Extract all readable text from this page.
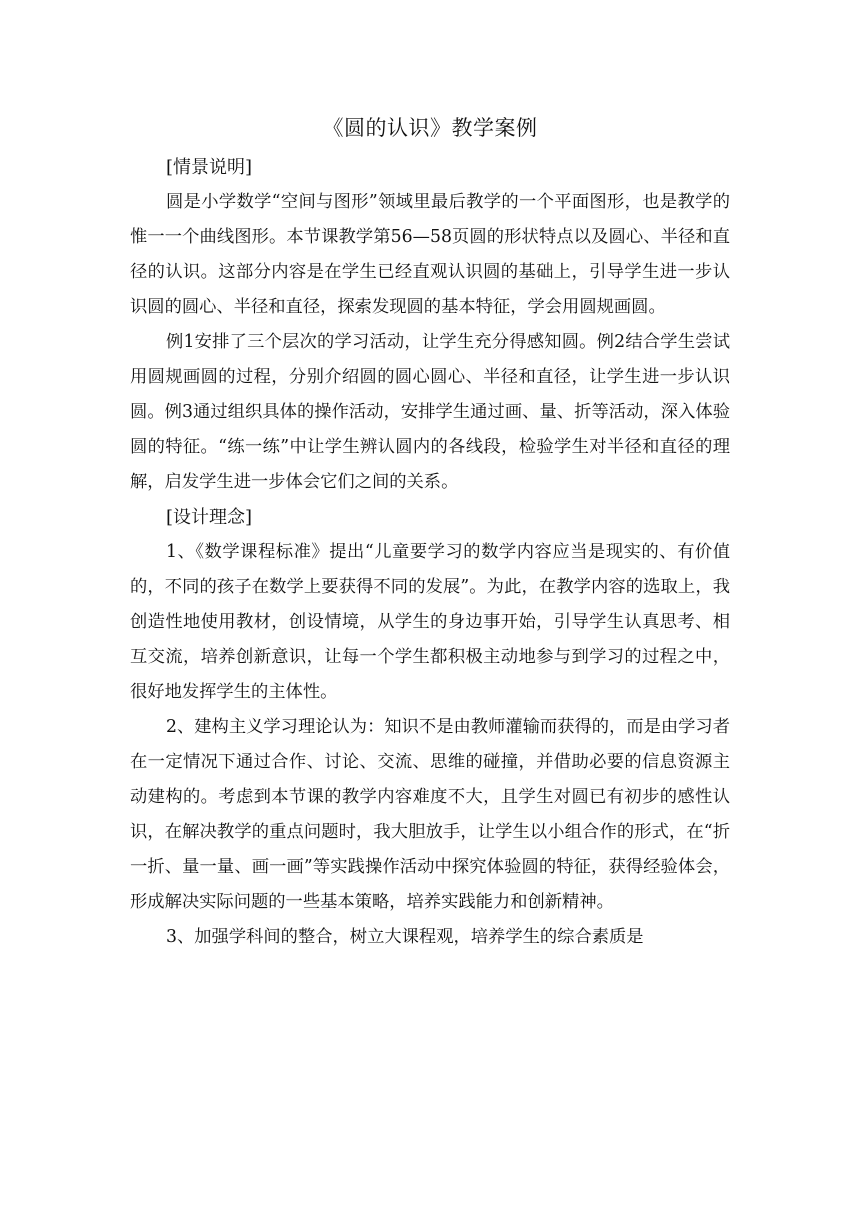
《圆的认识》教学案例

[情景说明]

圆是小学数学“空间与图形”领域里最后教学的一个平面图形，也是教学的惟一一个曲线图形。本节课教学第56—58页圆的形状特点以及圆心、半径和直径的认识。这部分内容是在学生已经直观认识圆的基础上，引导学生进一步认识圆的圆心、半径和直径，探索发现圆的基本特征，学会用圆规画圆。

例1安排了三个层次的学习活动，让学生充分得感知圆。例2结合学生尝试用圆规画圆的过程，分别介绍圆的圆心圆心、半径和直径，让学生进一步认识圆。例3通过组织具体的操作活动，安排学生通过画、量、折等活动，深入体验圆的特征。“练一练”中让学生辨认圆内的各线段，检验学生对半径和直径的理解，启发学生进一步体会它们之间的关系。

[设计理念]

1、《数学课程标准》提出“儿童要学习的数学内容应当是现实的、有价值的，不同的孩子在数学上要获得不同的发展”。为此，在教学内容的选取上，我创造性地使用教材，创设情境，从学生的身边事开始，引导学生认真思考、相互交流，培养创新意识，让每一个学生都积极主动地参与到学习的过程之中，很好地发挥学生的主体性。

2、建构主义学习理论认为：知识不是由教师灌输而获得的，而是由学习者在一定情况下通过合作、讨论、交流、思维的碰撞，并借助必要的信息资源主动建构的。考虑到本节课的教学内容难度不大，且学生对圆已有初步的感性认识，在解决教学的重点问题时，我大胆放手，让学生以小组合作的形式，在“折一折、量一量、画一画”等实践操作活动中探究体验圆的特征，获得经验体会，形成解决实际问题的一些基本策略，培养实践能力和创新精神。

3、加强学科间的整合，树立大课程观，培养学生的综合素质是
